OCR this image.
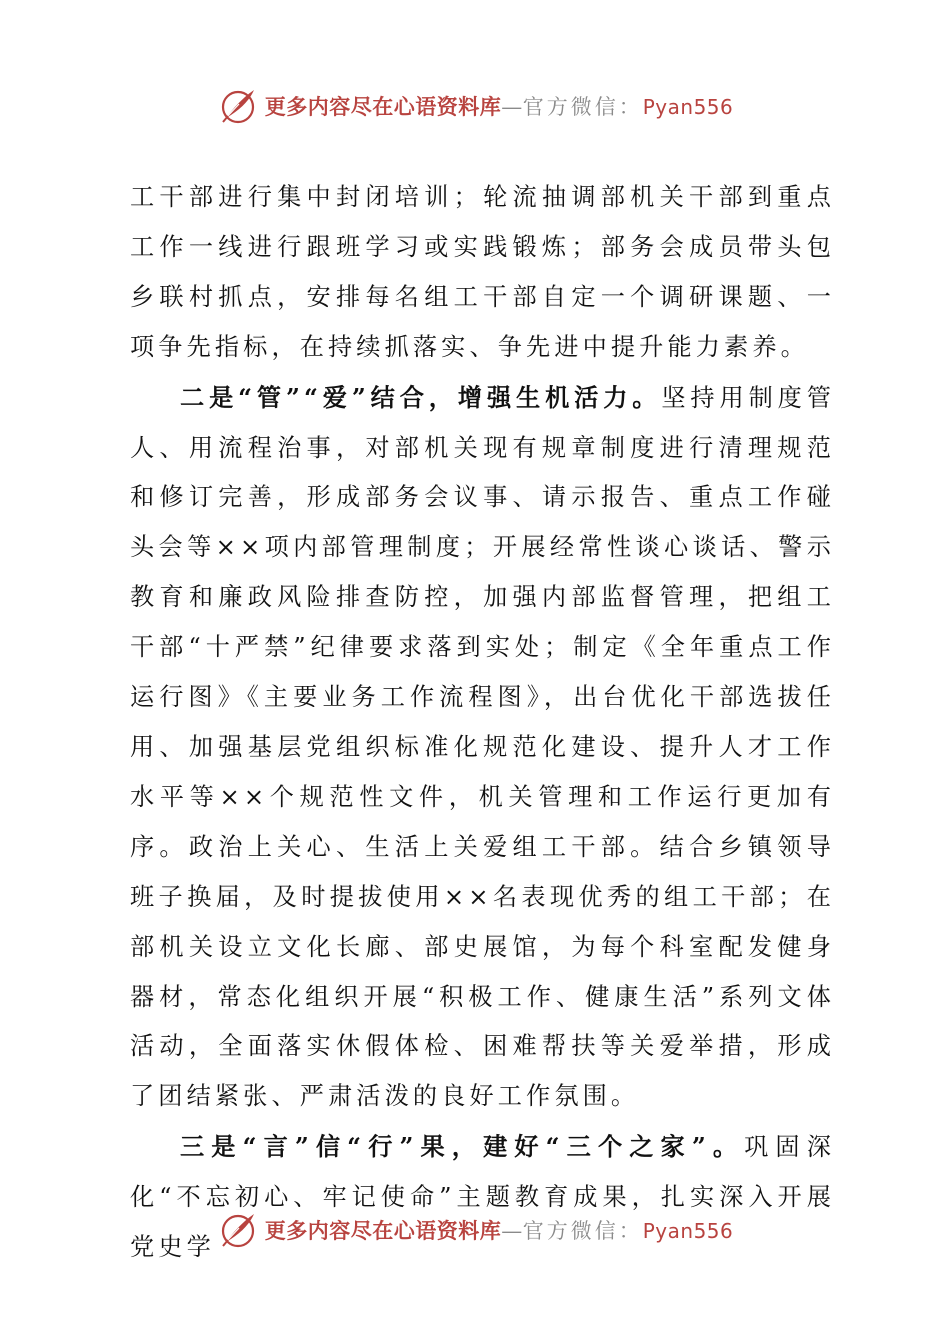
更多内容尽在心语资料库—官方微信：Pyan556

工干部进行集中封闭培训；轮流抽调部机关干部到重点工作一线进行跟班学习或实践锻炼；部务会成员带头包乡联村抓点，安排每名组工干部自定一个调研课题、一项争先指标，在持续抓落实、争先进中提升能力素养。

二是“管”“爱”结合，增强生机活力。坚持用制度管人、用流程治事，对部机关现有规章制度进行清理规范和修订完善，形成部务会议事、请示报告、重点工作碰头会等××项内部管理制度；开展经常性谈心谈话、警示教育和廉政风险排查防控，加强内部监督管理，把组工干部“十严禁”纪律要求落到实处；制定《全年重点工作运行图》《主要业务工作流程图》，出台优化干部选拔任用、加强基层党组织标准化规范化建设、提升人才工作水平等××个规范性文件，机关管理和工作运行更加有序。政治上关心、生活上关爱组工干部。结合乡镇领导班子换届，及时提拔使用××名表现优秀的组工干部；在部机关设立文化长廊、部史展馆，为每个科室配发健身器材，常态化组织开展“积极工作、健康生活”系列文体活动，全面落实休假体检、困难帮扶等关爱举措，形成了团结紧张、严肃活泼的良好工作氛围。

三是“言”信“行”果，建好“三个之家”。巩固深化“不忘初心、牢记使命”主题教育成果，扎实深入开展党史学

更多内容尽在心语资料库—官方微信：Pyan556
